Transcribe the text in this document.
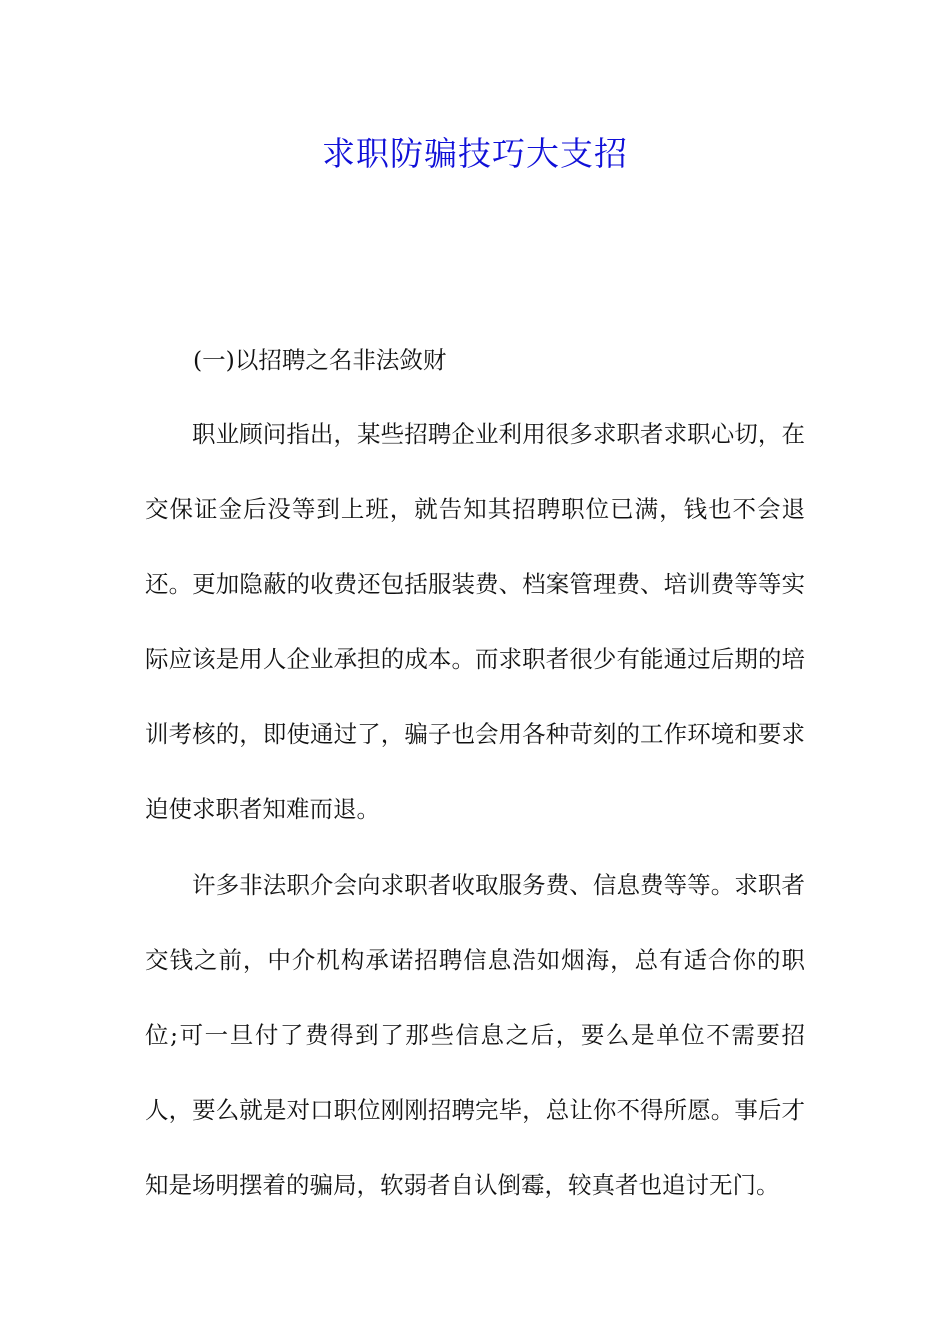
求职防骗技巧大支招

(一)以招聘之名非法敛财

职业顾问指出，某些招聘企业利用很多求职者求职心切，在交保证金后没等到上班，就告知其招聘职位已满，钱也不会退还。更加隐蔽的收费还包括服装费、档案管理费、培训费等等实际应该是用人企业承担的成本。而求职者很少有能通过后期的培训考核的，即使通过了，骗子也会用各种苛刻的工作环境和要求迫使求职者知难而退。

许多非法职介会向求职者收取服务费、信息费等等。求职者交钱之前，中介机构承诺招聘信息浩如烟海，总有适合你的职位;可一旦付了费得到了那些信息之后，要么是单位不需要招人，要么就是对口职位刚刚招聘完毕，总让你不得所愿。事后才知是场明摆着的骗局，软弱者自认倒霉，较真者也追讨无门。
